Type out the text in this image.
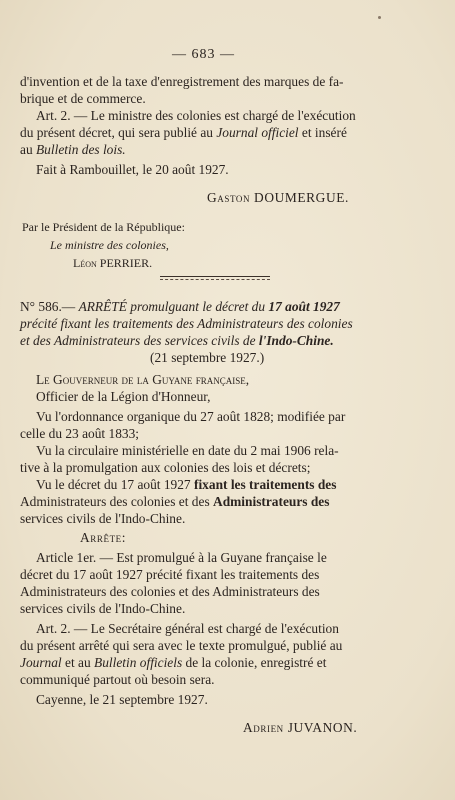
— 683 —
d'invention et de la taxe d'enregistrement des marques de fa-
brique et de commerce.
Art. 2. — Le ministre des colonies est chargé de l'exécution
du présent décret, qui sera publié au Journal officiel et inséré
au Bulletin des lois.
Fait à Rambouillet, le 20 août 1927.
Gaston DOUMERGUE.
Par le Président de la République:
Le ministre des colonies,
Léon PERRIER.
N° 586.— ARRÊTÉ promulguant le décret du 17 août 1927
précité fixant les traitements des Administrateurs des colonies
et des Administrateurs des services civils de l'Indo-Chine.
(21 septembre 1927.)
Le Gouverneur de la Guyane française,
Officier de la Légion d'Honneur,
Vu l'ordonnance organique du 27 août 1828; modifiée par
celle du 23 août 1833;
Vu la circulaire ministérielle en date du 2 mai 1906 rela-
tive à la promulgation aux colonies des lois et décrets;
Vu le décret du 17 août 1927 fixant les traitements des
Administrateurs des colonies et des Administrateurs des
services civils de l'Indo-Chine.
Arrête:
Article 1er. — Est promulgué à la Guyane française le
décret du 17 août 1927 précité fixant les traitements des
Administrateurs des colonies et des Administrateurs des
services civils de l'Indo-Chine.
Art. 2. — Le Secrétaire général est chargé de l'exécution
du présent arrêté qui sera avec le texte promulgué, publié au
Journal et au Bulletin officiels de la colonie, enregistré et
communiqué partout où besoin sera.
Cayenne, le 21 septembre 1927.
Adrien JUVANON.
